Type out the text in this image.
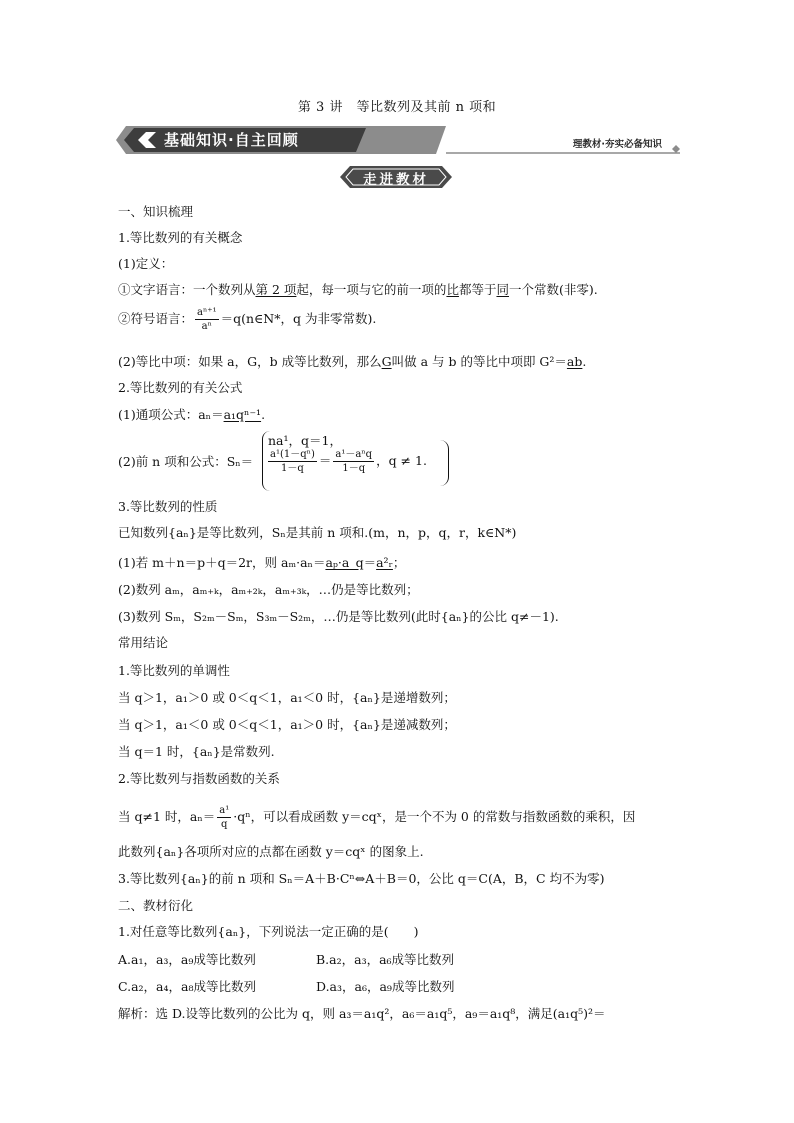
第 3 讲　等比数列及其前 n 项和
基础知识·自主回顾	理教材·夯实必备知识
走进教材
一、知识梳理
1.等比数列的有关概念
(1)定义：
①文字语言：一个数列从第 2 项起，每一项与它的前一项的比都等于同一个常数(非零).
②符号语言： $\frac{\text{aⁿ⁺¹}}{\text{aⁿ}}$ ＝q(n∈N*，q 为非零常数).
(2)等比中项：如果 a，G，b 成等比数列，那么G叫做 a 与 b 的等比中项即 G²＝ab.
2.等比数列的有关公式
(1)通项公式：aₙ＝a₁qⁿ⁻¹.
(2)前 n 项和公式：Sₙ＝
na¹，q＝1，
$\frac{\text{a¹(1－qⁿ)}}{1-q} = \frac{\text{a¹－aⁿq}}{1-q}$ ，q ≠ 1.
3.等比数列的性质
已知数列{aₙ}是等比数列，Sₙ是其前 n 项和.(m，n，p，q，r，k∈N*)
(1)若 m＋n＝p＋q＝2r，则 aₘ·aₙ＝aₚ·a_q＝a²ᵣ；
(2)数列 aₘ，aₘ₊ₖ，aₘ₊₂ₖ，aₘ₊₃ₖ，…仍是等比数列；
(3)数列 Sₘ，S₂ₘ－Sₘ，S₃ₘ－S₂ₘ，…仍是等比数列(此时{aₙ}的公比 q≠－1).
常用结论
1.等比数列的单调性
当 q＞1，a₁＞0 或 0＜q＜1，a₁＜0 时，{aₙ}是递增数列；
当 q＞1，a₁＜0 或 0＜q＜1，a₁＞0 时，{aₙ}是递减数列；
当 q＝1 时，{aₙ}是常数列.
2.等比数列与指数函数的关系
当 q≠1 时，$a_n= \frac{\text{a¹}}{q} \cdot q^n$，可以看成函数 y＝cqˣ，是一个不为 0 的常数与指数函数的乘积，因
此数列{aₙ}各项所对应的点都在函数 y＝cqˣ 的图象上.
3.等比数列{aₙ}的前 n 项和 Sₙ＝A＋B·Cⁿ⇔A＋B＝0，公比 q＝C(A，B，C 均不为零)
二、教材衍化
1.对任意等比数列{aₙ}，下列说法一定正确的是(　　)
A.a₁，a₃，a₉成等比数列	B.a₂，a₃，a₆成等比数列
C.a₂，a₄，a₈成等比数列	D.a₃，a₆，a₉成等比数列
解析：选 D.设等比数列的公比为 q，则 a₃＝a₁q²，a₆＝a₁q⁵，a₉＝a₁q⁸，满足(a₁q⁵)²＝
